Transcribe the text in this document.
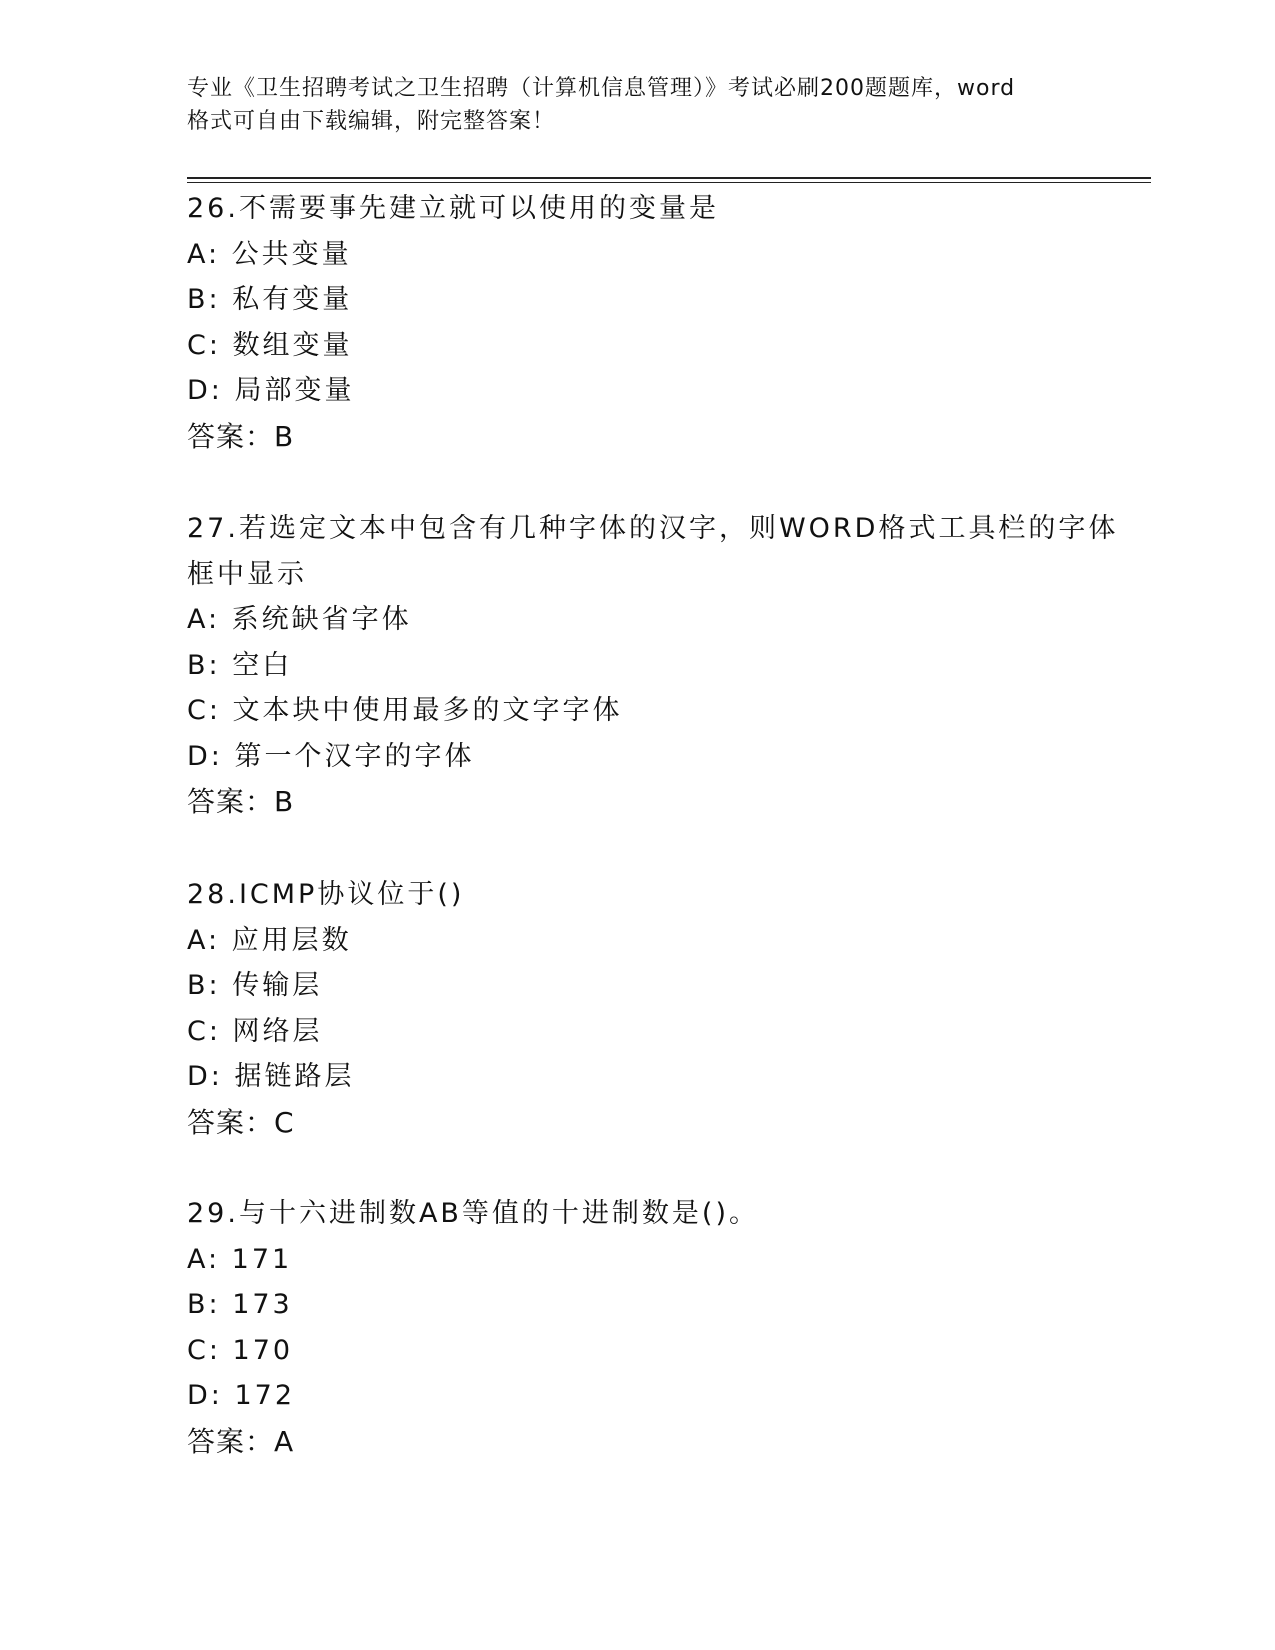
专业《卫生招聘考试之卫生招聘（计算机信息管理）》考试必刷200题题库，word
格式可自由下载编辑，附完整答案！
26.不需要事先建立就可以使用的变量是
A: 公共变量
B: 私有变量
C: 数组变量
D: 局部变量
答案：B
27.若选定文本中包含有几种字体的汉字，则WORD格式工具栏的字体
框中显示
A: 系统缺省字体
B: 空白
C: 文本块中使用最多的文字字体
D: 第一个汉字的字体
答案：B
28.ICMP协议位于()
A: 应用层数
B: 传输层
C: 网络层
D: 据链路层
答案：C
29.与十六进制数AB等值的十进制数是()。
A: 171
B: 173
C: 170
D: 172
答案：A
